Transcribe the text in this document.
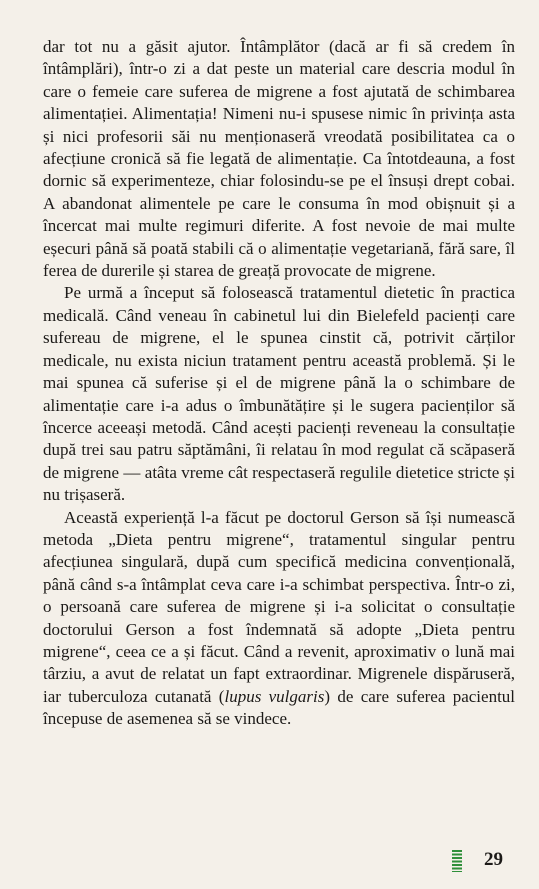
dar tot nu a găsit ajutor. Întâmplător (dacă ar fi să credem în întâmplări), într-o zi a dat peste un material care descria modul în care o femeie care suferea de migrene a fost ajutată de schimbarea alimentației. Alimentația! Nimeni nu-i spusese nimic în privința asta și nici profesorii săi nu menționaseră vreodată posibilitatea ca o afecțiune cronică să fie legată de alimentație. Ca întotdeauna, a fost dornic să experimenteze, chiar folosindu-se pe el însuși drept cobai. A abandonat alimentele pe care le consuma în mod obișnuit și a încercat mai multe regimuri diferite. A fost nevoie de mai multe eșecuri până să poată stabili că o alimentație vegetariană, fără sare, îl ferea de durerile și starea de greață provocate de migrene.

Pe urmă a început să folosească tratamentul dietetic în practica medicală. Când veneau în cabinetul lui din Bielefeld pacienți care sufereau de migrene, el le spunea cinstit că, potrivit cărților medicale, nu exista niciun tratament pentru această problemă. Și le mai spunea că suferise și el de migrene până la o schimbare de alimentație care i-a adus o îmbunătățire și le sugera pacienților să încerce aceeași metodă. Când acești pacienți reveneau la consultație după trei sau patru săptămâni, îi relatau în mod regulat că scăpaseră de migrene — atâta vreme cât respectaseră regulile dietetice stricte și nu trișaseră.

Această experiență l-a făcut pe doctorul Gerson să își numească metoda „Dieta pentru migrene“, tratamentul singular pentru afecțiunea singulară, după cum specifică medicina convențională, până când s-a întâmplat ceva care i-a schimbat perspectiva. Într-o zi, o persoană care suferea de migrene și i-a solicitat o consultație doctorului Gerson a fost îndemnată să adopte „Dieta pentru migrene“, ceea ce a și făcut. Când a revenit, aproximativ o lună mai târziu, a avut de relatat un fapt extraordinar. Migrenele dispăruseră, iar tuberculoza cutanată (lupus vulgaris) de care suferea pacientul începuse de asemenea să se vindece.

29
